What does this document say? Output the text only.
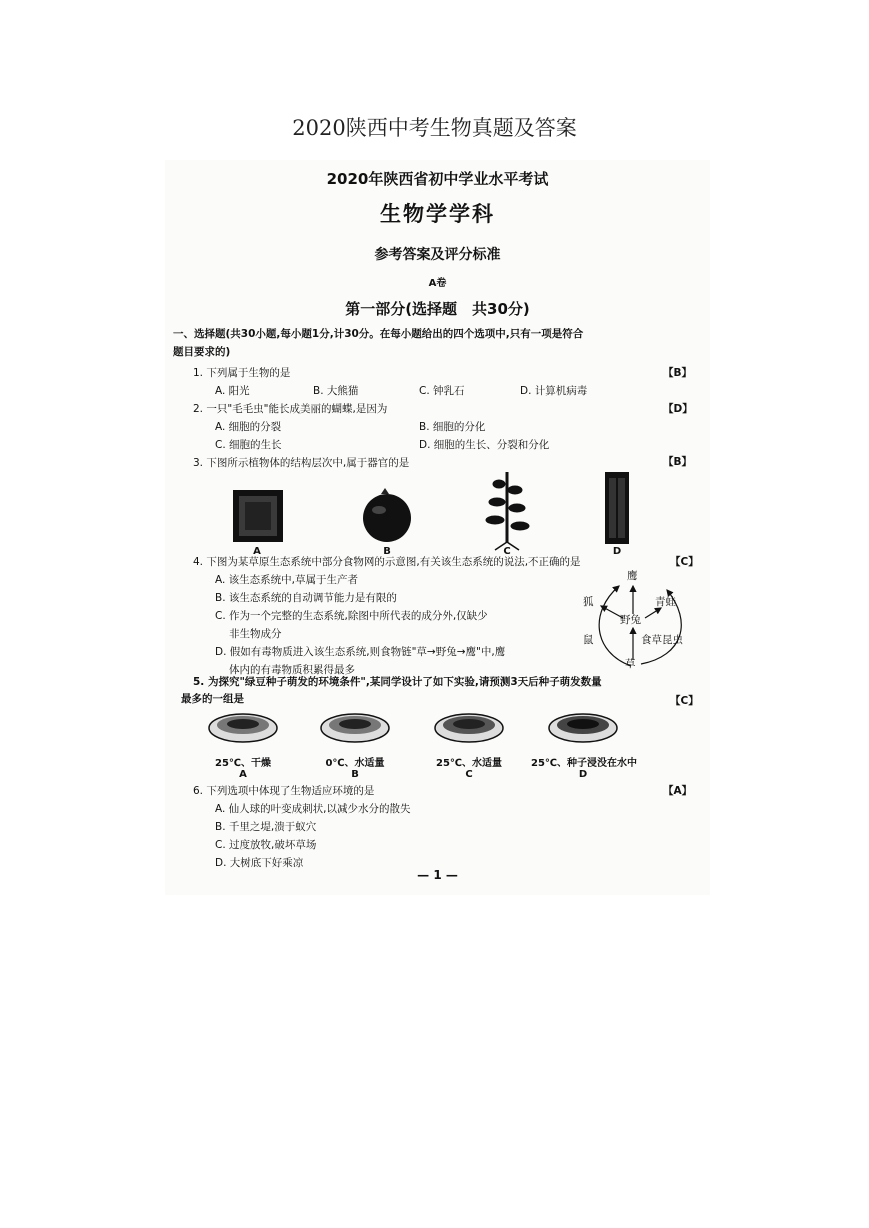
2020陕西中考生物真题及答案
2020年陕西省初中学业水平考试
生物学学科
参考答案及评分标准
A卷
第一部分(选择题　共30分)
一、选择题(共30小题,每小题1分,计30分。在每小题给出的四个选项中,只有一项是符合
题目要求的)
1. 下列属于生物的是	【B】
A. 阳光	B. 大熊猫	C. 钟乳石	D. 计算机病毒
2. 一只"毛毛虫"能长成美丽的蝴蝶,是因为	【D】
A. 细胞的分裂	B. 细胞的分化
C. 细胞的生长	D. 细胞的生长、分裂和分化
3. 下图所示植物体的结构层次中,属于器官的是	【B】
A	B	C	D
4. 下图为某草原生态系统中部分食物网的示意图,有关该生态系统的说法,不正确的是	【C】
A. 该生态系统中,草属于生产者
B. 该生态系统的自动调节能力是有限的
C. 作为一个完整的生态系统,除图中所代表的成分外,仅缺少
非生物成分
D. 假如有毒物质进入该生态系统,则食物链"草→野兔→鹰"中,鹰
体内的有毒物质积累得最多
鹰
狐	青蛙
野兔
鼠	食草昆虫
草
5. 为探究"绿豆种子萌发的环境条件",某同学设计了如下实验,请预测3天后种子萌发数量
最多的一组是	【C】
25℃、干燥	0℃、水适量	25℃、水适量	25℃、种子浸没在水中
A	B	C	D
6. 下列选项中体现了生物适应环境的是	【A】
A. 仙人球的叶变成刺状,以减少水分的散失
B. 千里之堤,溃于蚁穴
C. 过度放牧,破坏草场
D. 大树底下好乘凉
— 1 —
